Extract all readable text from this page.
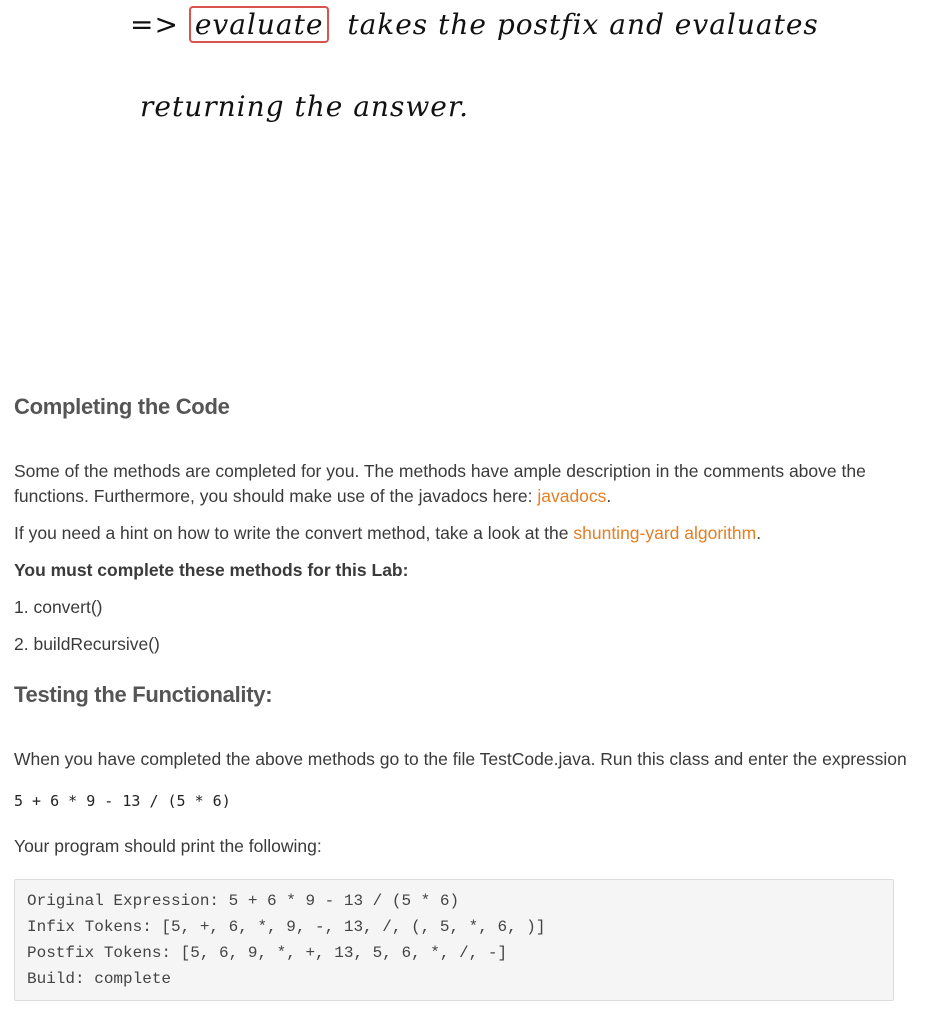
=> evaluate takes the postfix and evaluates
returning the answer.
Completing the Code

Some of the methods are completed for you. The methods have ample description in the comments above the functions. Furthermore, you should make use of the javadocs here: javadocs.

If you need a hint on how to write the convert method, take a look at the shunting-yard algorithm.

You must complete these methods for this Lab:

1. convert()

2. buildRecursive()

Testing the Functionality:

When you have completed the above methods go to the file TestCode.java. Run this class and enter the expression

5 + 6 * 9 - 13 / (5 * 6)

Your program should print the following:

Original Expression: 5 + 6 * 9 - 13 / (5 * 6)
Infix Tokens: [5, +, 6, *, 9, -, 13, /, (, 5, *, 6, )]
Postfix Tokens: [5, 6, 9, *, +, 13, 5, 6, *, /, -]
Build: complete
